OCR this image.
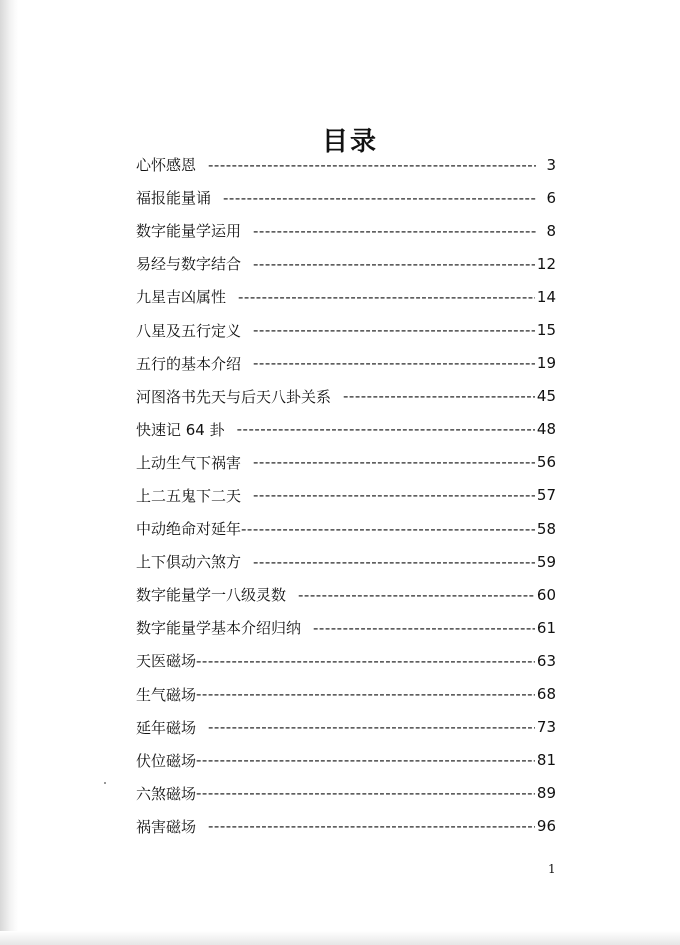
目录
心怀感恩 -----	3
福报能量诵 -----	6
数字能量学运用 -----	8
易经与数字结合 -----	12
九星吉凶属性 -----	14
八星及五行定义 -----	15
五行的基本介绍 -----	19
河图洛书先天与后天八卦关系 -----	45
快速记 64 卦 -----	48
上动生气下祸害 -----	56
上二五鬼下二天 -----	57
中动绝命对延年 -----	58
上下俱动六煞方 -----	59
数字能量学一八级灵数 -----	60
数字能量学基本介绍归纳 -----	61
天医磁场 -----	63
生气磁场 -----	68
延年磁场 -----	73
伏位磁场 -----	81
六煞磁场 -----	89
祸害磁场 -----	96
1
